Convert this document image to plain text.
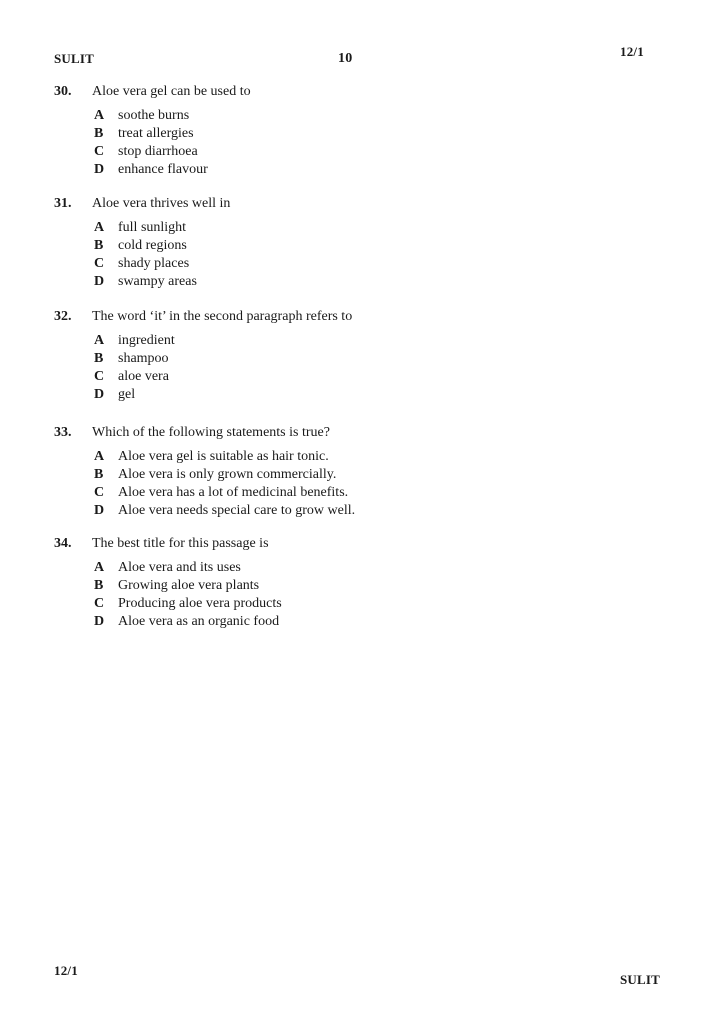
SULIT	10	12/1
30.	Aloe vera gel can be used to
A soothe burns
B	treat allergies
C stop diarrhoea
D enhance flavour
31.	Aloe vera thrives well in
A full sunlight
B	cold regions
C shady places
D swampy areas
32.	The word ‘it’ in the second paragraph refers to
A ingredient
B	shampoo
C aloe vera
D gel
33.	Which of the following statements is true?
A Aloe vera gel is suitable as hair tonic.
B	Aloe vera is only grown commercially.
C Aloe vera has a lot of medicinal benefits.
D Aloe vera needs special care to grow well.
34.	The best title for this passage is
A Aloe vera and its uses
B	Growing aloe vera plants
C Producing aloe vera products
D Aloe vera as an organic food
12/1
SULIT
